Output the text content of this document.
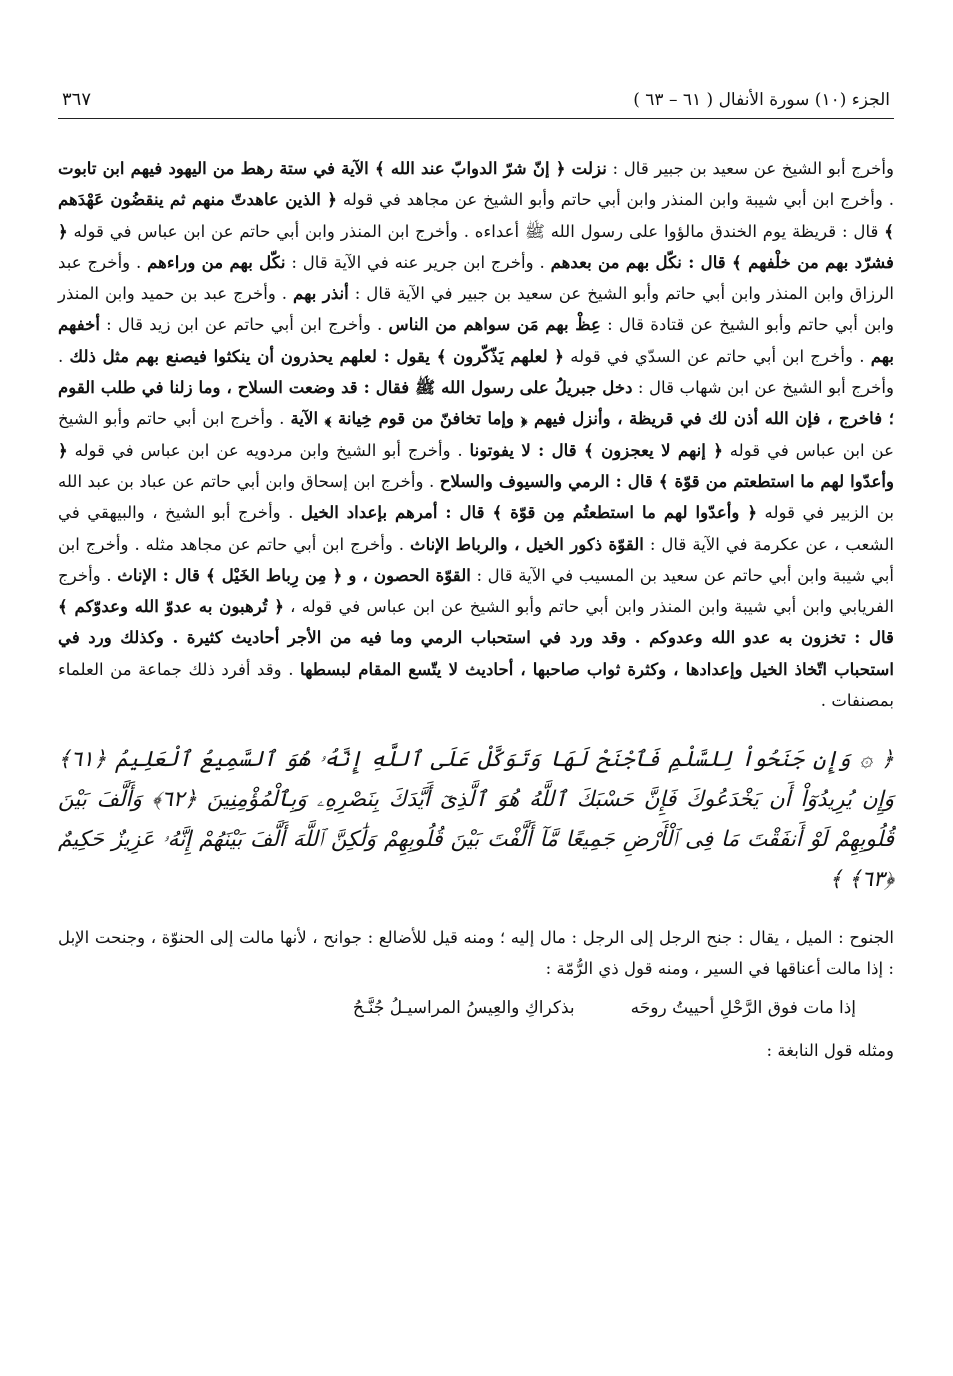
الجزء (١٠) سورة الأنفال ( ٦١ – ٦٣ )
٣٦٧

وأخرج أبو الشيخ عن سعيد بن جبير قال : نزلت ﴿ إنّ شرّ الدوابّ عند الله ﴾ الآية في ستة رهط من اليهود فيهم ابن تابوت . وأخرج ابن أبي شيبة وابن المنذر وابن أبي حاتم وأبو الشيخ عن مجاهد في قوله ﴿ الذين عاهدتّ منهم ثم ينقضُون عَهْدَهم ﴾ قال : قريظة يوم الخندق مالؤوا على رسول الله ﷺ أعداءه . وأخرج ابن المنذر وابن أبي حاتم عن ابن عباس في قوله ﴿ فشرّد بهم من خلْفهم ﴾ قال : نكّل بهم من بعدهم . وأخرج ابن جرير عنه في الآية قال : نكّل بهم من وراءهم . وأخرج عبد الرزاق وابن المنذر وابن أبي حاتم وأبو الشيخ عن سعيد بن جبير في الآية قال : أنذر بهم . وأخرج عبد بن حميد وابن المنذر وابن أبي حاتم وأبو الشيخ عن قتادة قال : عِظْ بهم مَن سواهم من الناس . وأخرج ابن أبي حاتم عن ابن زيد قال : أخفهم بهم . وأخرج ابن أبي حاتم عن السدّي في قوله ﴿ لعلهم يَذّكّرون ﴾ يقول : لعلهم يحذرون أن ينكثوا فيصنع بهم مثل ذلك . وأخرج أبو الشيخ عن ابن شهاب قال : دخل جبريلُ على رسول الله ﷺ فقال : قد وضعت السلاح ، وما زلنا في طلب القوم ؛ فاخرج ، فإن الله أذن لك في قريظة ، وأنزل فيهم ﴿ وإما تخافنّ من قوم خِيانة ﴾ الآية . وأخرج ابن أبي حاتم وأبو الشيخ عن ابن عباس في قوله ﴿ إنهم لا يعجزون ﴾ قال : لا يفوتونا . وأخرج أبو الشيخ وابن مردويه عن ابن عباس في قوله ﴿ وأعدّوا لهم ما استطعتم من قوّة ﴾ قال : الرمي والسيوف والسلاح . وأخرج ابن إسحاق وابن أبي حاتم عن عباد بن عبد الله بن الزبير في قوله ﴿ وأعدّوا لهم ما استطعتُم مِن قوّة ﴾ قال : أمرهم بإعداد الخيل . وأخرج أبو الشيخ ، والبيهقي في الشعب ، عن عكرمة في الآية قال : القوّة ذكور الخيل ، والرباط الإناث . وأخرج ابن أبي حاتم عن مجاهد مثله . وأخرج ابن أبي شيبة وابن أبي حاتم عن سعيد بن المسيب في الآية قال : القوّة الحصون ، و ﴿ مِن رِباط الخَيْل ﴾ قال : الإناث . وأخرج الفريابي وابن أبي شيبة وابن المنذر وابن أبي حاتم وأبو الشيخ عن ابن عباس في قوله ، ﴿ تُرهبون به عدوّ الله وعدوّكم ﴾ قال : تخزون به عدو الله وعدوكم . وقد ورد في استحباب الرمي وما فيه من الأجر أحاديث كثيرة . وكذلك ورد في استحباب اتّخاذ الخيل وإعدادها ، وكثرة ثواب صاحبها ، أحاديث لا يتّسع المقام لبسطها . وقد أفرد ذلك جماعة من العلماء بمصنفات .

﴿ ۞ وَإِن جَنَحُواْ لِلسَّلْمِ فَٱجْنَحْ لَهَا وَتَوَكَّلْ عَلَى ٱللَّهِ إِنَّهُۥ هُوَ ٱلسَّمِيعُ ٱلْعَلِيمُ ﴿٦١﴾ وَإِن يُرِيدُوٓاْ أَن يَخْدَعُوكَ فَإِنَّ حَسْبَكَ ٱللَّهُ هُوَ ٱلَّذِىٓ أَيَّدَكَ بِنَصْرِهِۦ وَبِٱلْمُؤْمِنِينَ ﴿٦٢﴾ وَأَلَّفَ بَيْنَ قُلُوبِهِمْ لَوْ أَنفَقْتَ مَا فِى ٱلْأَرْضِ جَمِيعًا مَّآ أَلَّفْتَ بَيْنَ قُلُوبِهِمْ وَلَٰكِنَّ ٱللَّهَ أَلَّفَ بَيْنَهُمْ إِنَّهُۥ عَزِيزٌ حَكِيمٌ ﴿٦٣﴾ ﴾

الجنوح : الميل ، يقال : جنح الرجل إلى الرجل : مال إليه ؛ ومنه قيل للأضالع : جوانح ، لأنها مالت إلى الحنوّة ، وجنحت الإبل : إذا مالت أعناقها في السير ، ومنه قول ذي الرُّمّة :

إذا مات فوق الرَّحْلِ أحييتُ روحَه
بذكراكِ والعِيسُ المراسيـلُ جُنَّـحُ
ومثله قول النابغة :
